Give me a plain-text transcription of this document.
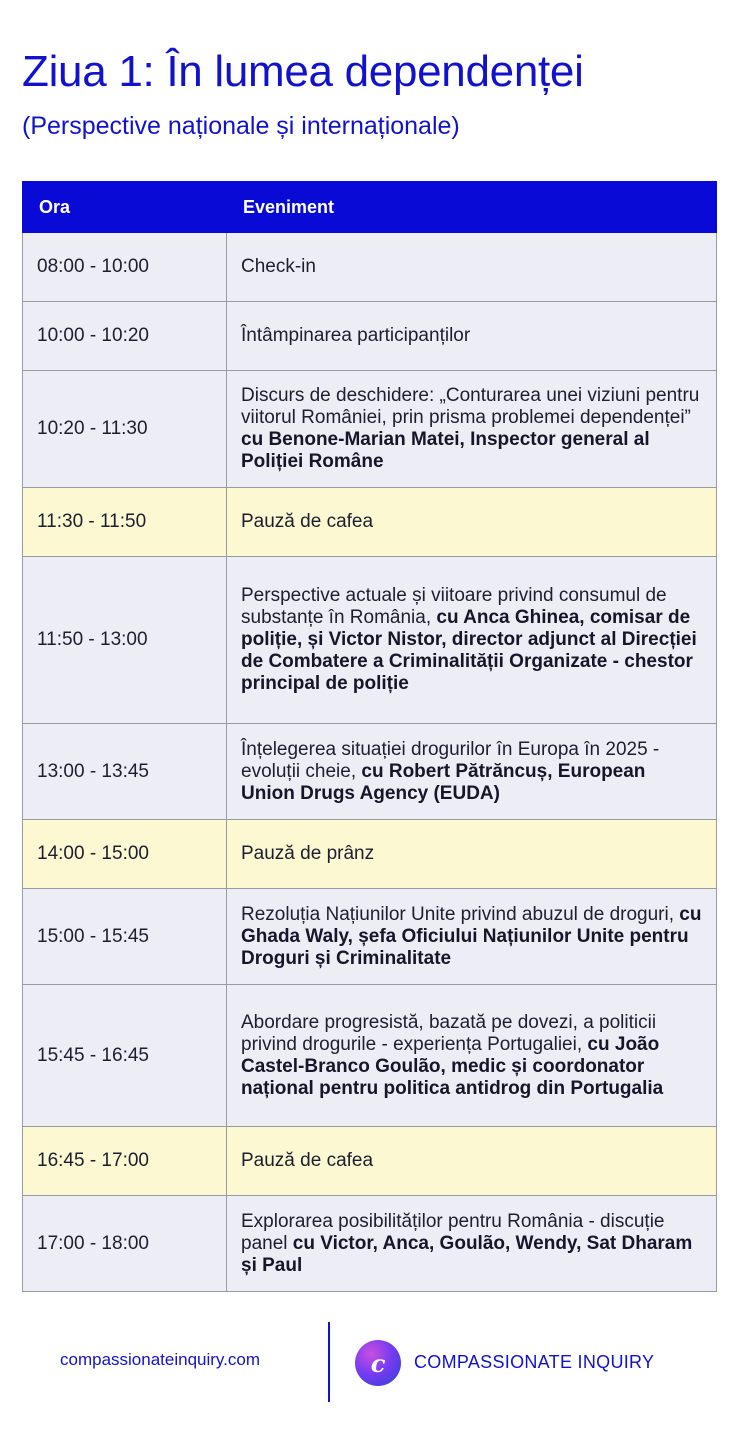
Ziua 1: În lumea dependenței
(Perspective naționale și internaționale)
Ora	Eveniment
08:00 - 10:00	Check-in
10:00 - 10:20	Întâmpinarea participanților
10:20 - 11:30	Discurs de deschidere: „Conturarea unei viziuni pentru viitorul României, prin prisma problemei dependenței” cu Benone-Marian Matei, Inspector general al Poliției Române
11:30 - 11:50	Pauză de cafea
11:50 - 13:00	Perspective actuale și viitoare privind consumul de substanțe în România, cu Anca Ghinea, comisar de poliție, și Victor Nistor, director adjunct al Direcției de Combatere a Criminalității Organizate - chestor principal de poliție
13:00 - 13:45	Înțelegerea situației drogurilor în Europa în 2025 - evoluții cheie, cu Robert Pătrăncuș, European Union Drugs Agency (EUDA)
14:00 - 15:00	Pauză de prânz
15:00 - 15:45	Rezoluția Națiunilor Unite privind abuzul de droguri, cu Ghada Waly, șefa Oficiului Națiunilor Unite pentru Droguri și Criminalitate
15:45 - 16:45	Abordare progresistă, bazată pe dovezi, a politicii privind drogurile - experiența Portugaliei, cu João Castel-Branco Goulão, medic și coordonator național pentru politica antidrog din Portugalia
16:45 - 17:00	Pauză de cafea
17:00 - 18:00	Explorarea posibilităților pentru România - discuție panel cu Victor, Anca, Goulão, Wendy, Sat Dharam și Paul
compassionateinquiry.com	c COMPASSIONATE INQUIRY
